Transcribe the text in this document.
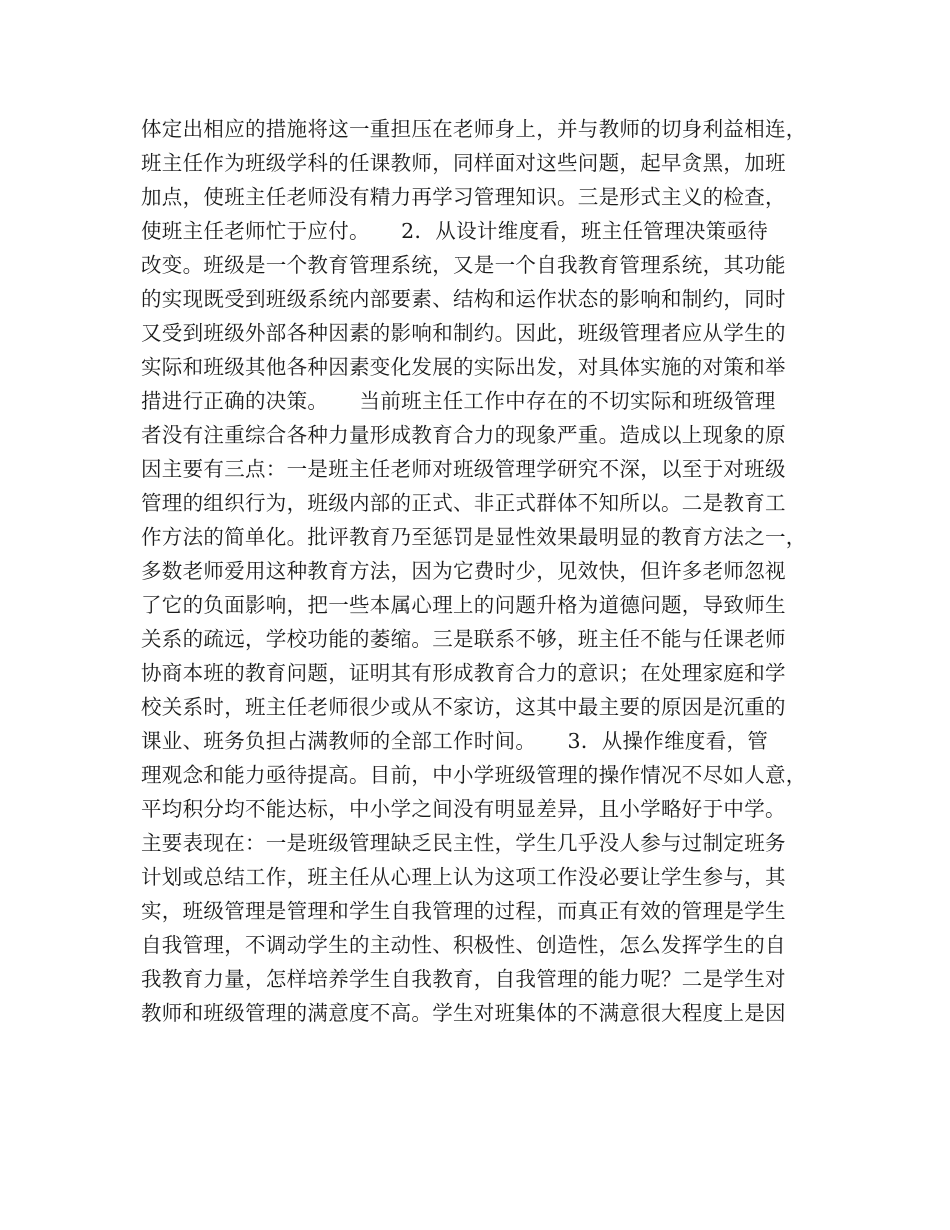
体定出相应的措施将这一重担压在老师身上，并与教师的切身利益相连，
班主任作为班级学科的任课教师，同样面对这些问题，起早贪黑，加班
加点，使班主任老师没有精力再学习管理知识。三是形式主义的检查，
使班主任老师忙于应付。　　2．从设计维度看，班主任管理决策亟待
改变。班级是一个教育管理系统，又是一个自我教育管理系统，其功能
的实现既受到班级系统内部要素、结构和运作状态的影响和制约，同时
又受到班级外部各种因素的影响和制约。因此，班级管理者应从学生的
实际和班级其他各种因素变化发展的实际出发，对具体实施的对策和举
措进行正确的决策。　　当前班主任工作中存在的不切实际和班级管理
者没有注重综合各种力量形成教育合力的现象严重。造成以上现象的原
因主要有三点：一是班主任老师对班级管理学研究不深，以至于对班级
管理的组织行为，班级内部的正式、非正式群体不知所以。二是教育工
作方法的简单化。批评教育乃至惩罚是显性效果最明显的教育方法之一，
多数老师爱用这种教育方法，因为它费时少，见效快，但许多老师忽视
了它的负面影响，把一些本属心理上的问题升格为道德问题，导致师生
关系的疏远，学校功能的萎缩。三是联系不够，班主任不能与任课老师
协商本班的教育问题，证明其有形成教育合力的意识；在处理家庭和学
校关系时，班主任老师很少或从不家访，这其中最主要的原因是沉重的
课业、班务负担占满教师的全部工作时间。　　3．从操作维度看，管
理观念和能力亟待提高。目前，中小学班级管理的操作情况不尽如人意，
平均积分均不能达标，中小学之间没有明显差异，且小学略好于中学。
主要表现在：一是班级管理缺乏民主性，学生几乎没人参与过制定班务
计划或总结工作，班主任从心理上认为这项工作没必要让学生参与，其
实，班级管理是管理和学生自我管理的过程，而真正有效的管理是学生
自我管理，不调动学生的主动性、积极性、创造性，怎么发挥学生的自
我教育力量，怎样培养学生自我教育，自我管理的能力呢？二是学生对
教师和班级管理的满意度不高。学生对班集体的不满意很大程度上是因
